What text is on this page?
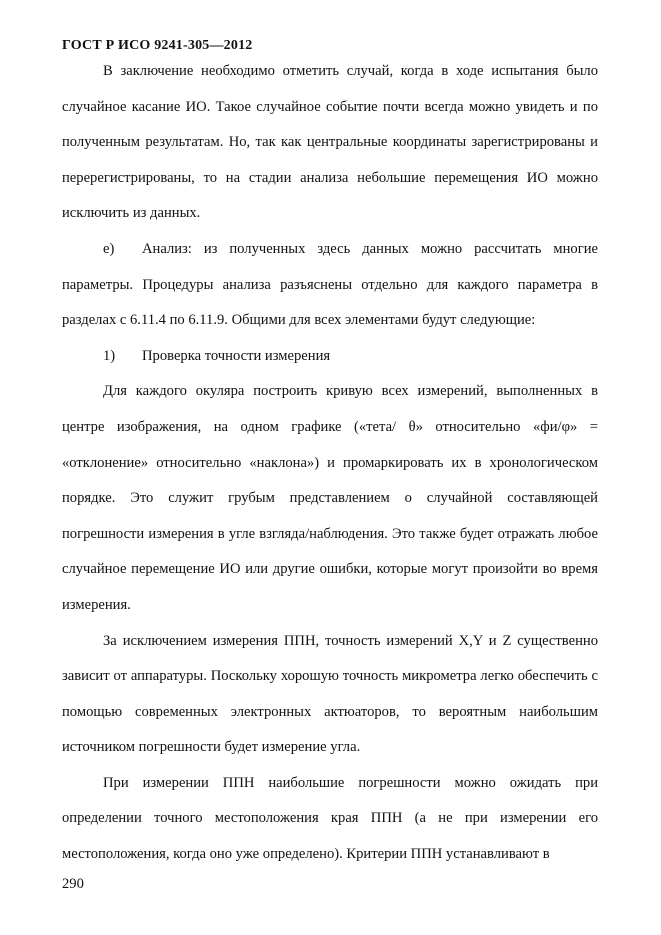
ГОСТ Р ИСО 9241-305—2012

В заключение необходимо отметить случай, когда в ходе испытания было случайное касание ИО. Такое случайное событие почти всегда можно увидеть и по полученным результатам. Но, так как центральные координаты зарегистрированы и перерегистрированы, то на стадии анализа небольшие перемещения ИО можно исключить из данных.

e) Анализ: из полученных здесь данных можно рассчитать многие параметры. Процедуры анализа разъяснены отдельно для каждого параметра в разделах с 6.11.4 по 6.11.9. Общими для всех элементами будут следующие:

1) Проверка точности измерения

Для каждого окуляра построить кривую всех измерений, выполненных в центре изображения, на одном графике («тета/ θ» относительно «фи/φ» = «отклонение» относительно «наклона») и промаркировать их в хронологическом порядке. Это служит грубым представлением о случайной составляющей погрешности измерения в угле взгляда/наблюдения. Это также будет отражать любое случайное перемещение ИО или другие ошибки, которые могут произойти во время измерения.

За исключением измерения ППН, точность измерений X,Y и Z существенно зависит от аппаратуры. Поскольку хорошую точность микрометра легко обеспечить с помощью современных электронных актюаторов, то вероятным наибольшим источником погрешности будет измерение угла.

При измерении ППН наибольшие погрешности можно ожидать при определении точного местоположения края ППН (а не при измерении его местоположения, когда оно уже определено). Критерии ППН устанавливают в

290
